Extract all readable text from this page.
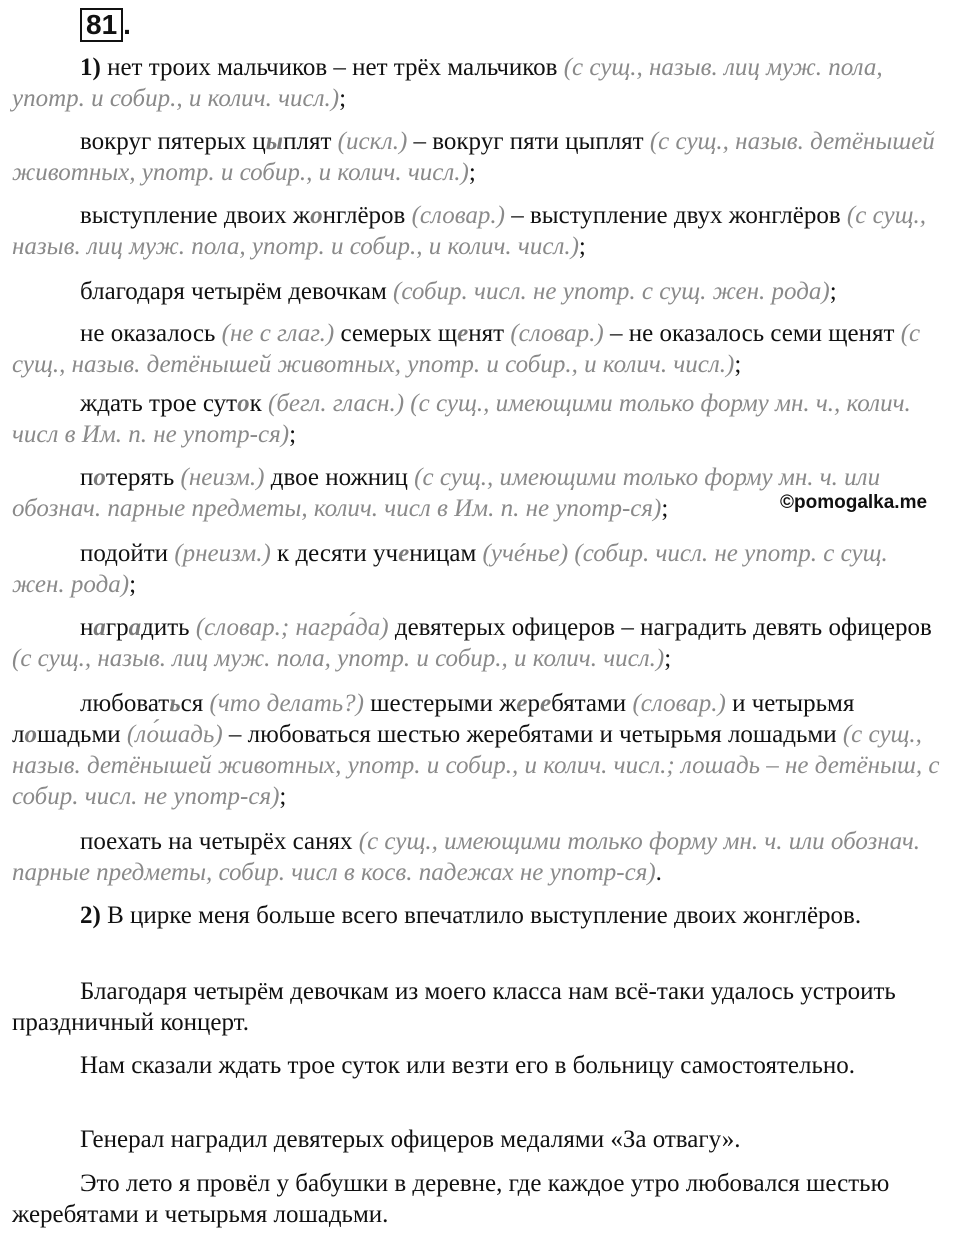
81 .
1) нет троих мальчиков – нет трёх мальчиков (с сущ., назыв. лиц муж. пола, употр. и собир., и колич. числ.);
вокруг пятерых цыплят (искл.) – вокруг пяти цыплят (с сущ., назыв. детёнышей животных, употр. и собир., и колич. числ.);
выступление двоих жонглёров (словар.) – выступление двух жонглёров (с сущ., назыв. лиц муж. пола, употр. и собир., и колич. числ.);
благодаря четырём девочкам (собир. числ. не употр. с сущ. жен. рода);
не оказалось (не с глаг.) семерых щенят (словар.) – не оказалось семи щенят (с сущ., назыв. детёнышей животных, употр. и собир., и колич. числ.);
ждать трое суток (бегл. гласн.) (с сущ., имеющими только форму мн. ч., колич. числ в Им. п. не употр-ся);
потерять (неизм.) двое ножниц (с сущ., имеющими только форму мн. ч. или обознач. парные предметы, колич. числ в Им. п. не употр-ся);
подойти (рнеизм.) к десяти ученицам (учéнье) (собир. числ. не употр. с сущ. жен. рода);
наградить (словар.; награ́да) девятерых офицеров – наградить девять офицеров (с сущ., назыв. лиц муж. пола, употр. и собир., и колич. числ.);
любоваться (что делать?) шестерыми жеребятами (словар.) и четырьмя лошадьми (ло́шадь) – любоваться шестью жеребятами и четырьмя лошадьми (с сущ., назыв. детёнышей животных, употр. и собир., и колич. числ.; лошадь – не детёныш, с собир. числ. не употр-ся);
поехать на четырёх санях (с сущ., имеющими только форму мн. ч. или обознач. парные предметы, собир. числ в косв. падежах не употр-ся).
2) В цирке меня больше всего впечатлило выступление двоих жонглёров.
Благодаря четырём девочкам из моего класса нам всё-таки удалось устроить праздничный концерт.
Нам сказали ждать трое суток или везти его в больницу самостоятельно.
Генерал наградил девятерых офицеров медалями «За отвагу».
Это лето я провёл у бабушки в деревне, где каждое утро любовался шестью жеребятами и четырьмя лошадьми.
©pomogalka.me
